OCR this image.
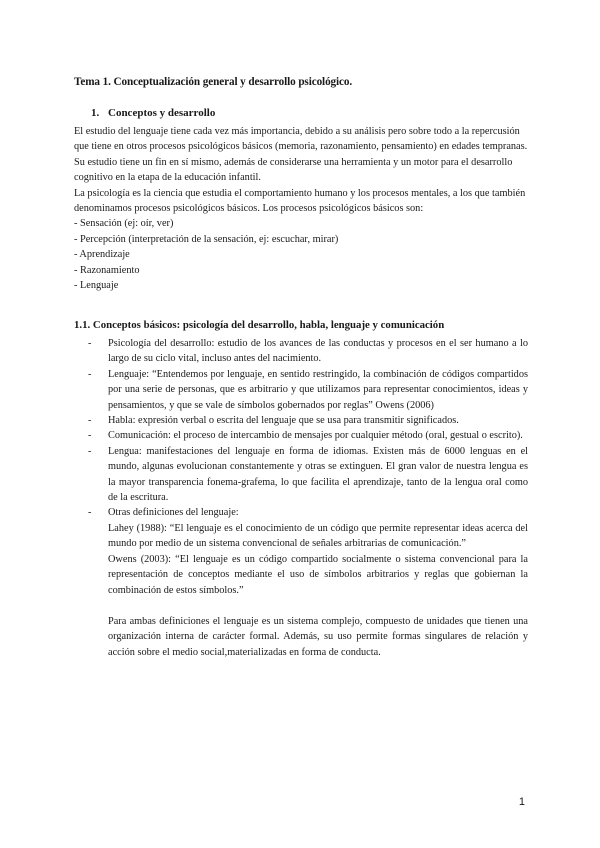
Tema 1. Conceptualización general y desarrollo psicológico.
1. Conceptos y desarrollo

El estudio del lenguaje tiene cada vez más importancia, debido a su análisis pero sobre todo a la repercusión que tiene en otros procesos psicológicos básicos (memoria, razonamiento, pensamiento) en edades tempranas. Su estudio tiene un fin en sí mismo, además de considerarse una herramienta y un motor para el desarrollo cognitivo en la etapa de la educación infantil.

La psicología es la ciencia que estudia el comportamiento humano y los procesos mentales, a los que también denominamos procesos psicológicos básicos. Los procesos psicológicos básicos son:

- Sensación (ej: oír, ver)
- Percepción (interpretación de la sensación, ej: escuchar, mirar)
- Aprendizaje
- Razonamiento
- Lenguaje
1.1. Conceptos básicos: psicología del desarrollo, habla, lenguaje y comunicación
- Psicología del desarrollo: estudio de los avances de las conductas y procesos en el ser humano a lo largo de su ciclo vital, incluso antes del nacimiento.
- Lenguaje: “Entendemos por lenguaje, en sentido restringido, la combinación de códigos compartidos por una serie de personas, que es arbitrario y que utilizamos para representar conocimientos, ideas y pensamientos, y que se vale de símbolos gobernados por reglas” Owens (2006)
- Habla: expresión verbal o escrita del lenguaje que se usa para transmitir significados.
- Comunicación: el proceso de intercambio de mensajes por cualquier método (oral, gestual o escrito).
- Lengua: manifestaciones del lenguaje en forma de idiomas. Existen más de 6000 lenguas en el mundo, algunas evolucionan constantemente y otras se extinguen. El gran valor de nuestra lengua es la mayor transparencia fonema-grafema, lo que facilita el aprendizaje, tanto de la lengua oral como de la escritura.
- Otras definiciones del lenguaje:
Lahey (1988): “El lenguaje es el conocimiento de un código que permite representar ideas acerca del mundo por medio de un sistema convencional de señales arbitrarias de comunicación.”
Owens (2003): “El lenguaje es un código compartido socialmente o sistema convencional para la representación de conceptos mediante el uso de símbolos arbitrarios y reglas que gobiernan la combinación de estos símbolos.”
Para ambas definiciones el lenguaje es un sistema complejo, compuesto de unidades que tienen una organización interna de carácter formal. Además, su uso permite formas singulares de relación y acción sobre el medio social,materializadas en forma de conducta.
1
